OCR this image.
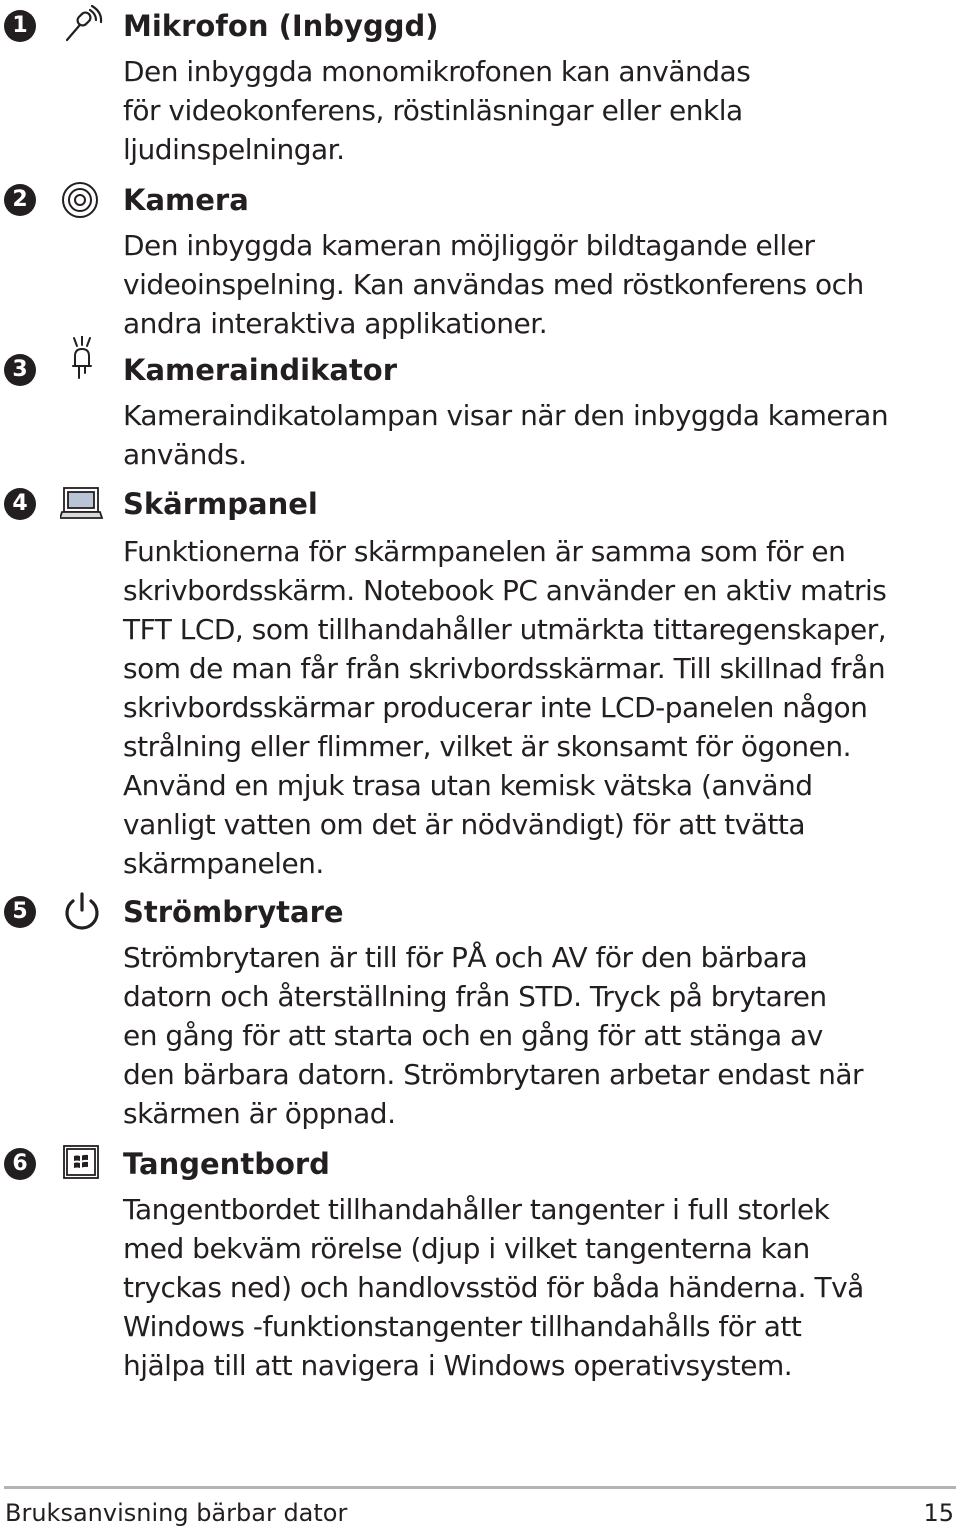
1	Mikrofon (Inbyggd)
Den inbyggda monomikrofonen kan användas
för videokonferens, röstinläsningar eller enkla
ljudinspelningar.
2	Kamera
Den inbyggda kameran möjliggör bildtagande eller
videoinspelning. Kan användas med röstkonferens och
andra interaktiva applikationer.
3	Kameraindikator
Kameraindikatolampan visar när den inbyggda kameran
används.
4	Skärmpanel
Funktionerna för skärmpanelen är samma som för en
skrivbordsskärm. Notebook PC använder en aktiv matris
TFT LCD, som tillhandahåller utmärkta tittaregenskaper,
som de man får från skrivbordsskärmar. Till skillnad från
skrivbordsskärmar producerar inte LCD-panelen någon
strålning eller flimmer, vilket är skonsamt för ögonen.
Använd en mjuk trasa utan kemisk vätska (använd
vanligt vatten om det är nödvändigt) för att tvätta
skärmpanelen.
5	Strömbrytare
Strömbrytaren är till för PÅ och AV för den bärbara
datorn och återställning från STD. Tryck på brytaren
en gång för att starta och en gång för att stänga av
den bärbara datorn. Strömbrytaren arbetar endast när
skärmen är öppnad.
6	Tangentbord
Tangentbordet tillhandahåller tangenter i full storlek
med bekväm rörelse (djup i vilket tangenterna kan
tryckas ned) och handlovsstöd för båda händerna. Två
Windows -funktionstangenter tillhandahålls för att
hjälpa till att navigera i Windows operativsystem.
Bruksanvisning bärbar dator	15
